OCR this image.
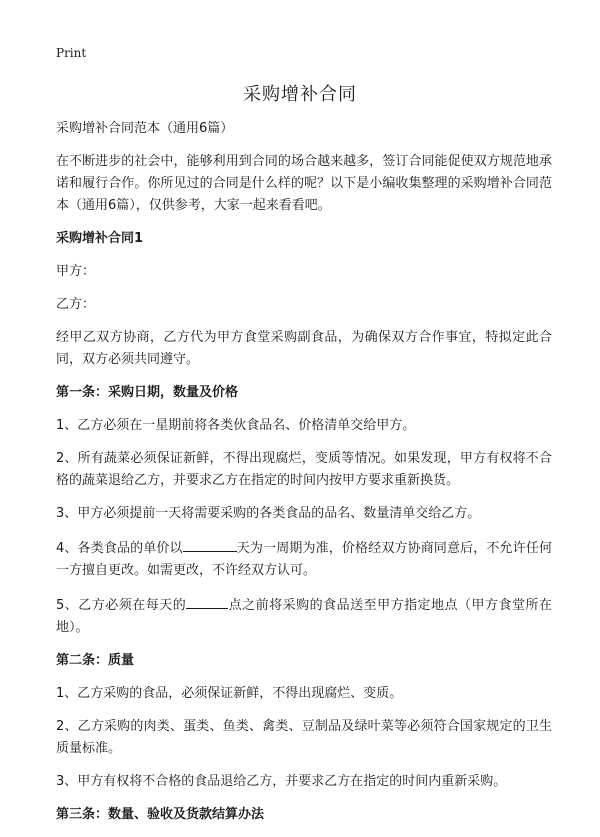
Print
采购增补合同

采购增补合同范本（通用6篇）

在不断进步的社会中，能够利用到合同的场合越来越多，签订合同能促使双方规范地承诺和履行合作。你所见过的合同是什么样的呢？以下是小编收集整理的采购增补合同范本（通用6篇），仅供参考，大家一起来看看吧。

采购增补合同1

甲方：

乙方：

经甲乙双方协商，乙方代为甲方食堂采购副食品，为确保双方合作事宜，特拟定此合同，双方必须共同遵守。

第一条：采购日期，数量及价格

1、乙方必须在一星期前将各类伙食品名、价格清单交给甲方。

2、所有蔬菜必须保证新鲜，不得出现腐烂，变质等情况。如果发现，甲方有权将不合格的蔬菜退给乙方，并要求乙方在指定的时间内按甲方要求重新换货。

3、甲方必须提前一天将需要采购的各类食品的品名、数量清单交给乙方。

4、各类食品的单价以	天为一周期为准，价格经双方协商同意后，不允许任何一方擅自更改。如需更改，不许经双方认可。

5、乙方必须在每天的	点之前将采购的食品送至甲方指定地点（甲方食堂所在地）。

第二条：质量

1、乙方采购的食品，必须保证新鲜，不得出现腐烂、变质。

2、乙方采购的肉类、蛋类、鱼类、禽类、豆制品及绿叶菜等必须符合国家规定的卫生质量标准。

3、甲方有权将不合格的食品退给乙方，并要求乙方在指定的时间内重新采购。

第三条：数量、验收及货款结算办法
